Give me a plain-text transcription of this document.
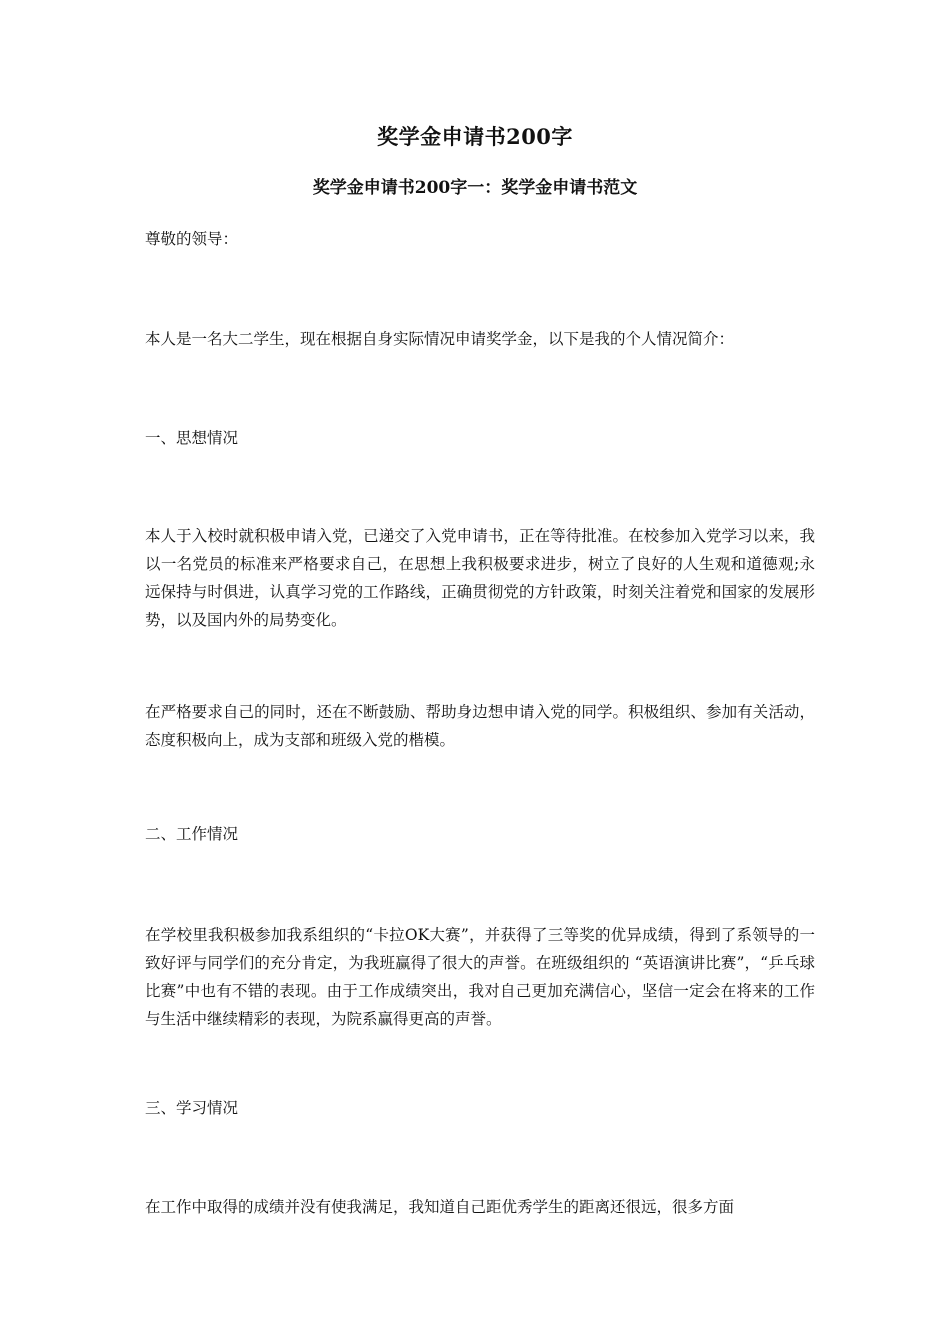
奖学金申请书200字
奖学金申请书200字一：奖学金申请书范文
尊敬的领导：
本人是一名大二学生，现在根据自身实际情况申请奖学金，以下是我的个人情况简介：
一、思想情况
本人于入校时就积极申请入党，已递交了入党申请书，正在等待批准。在校参加入党学习以来，我以一名党员的标准来严格要求自己，在思想上我积极要求进步，树立了良好的人生观和道德观;永远保持与时俱进，认真学习党的工作路线，正确贯彻党的方针政策，时刻关注着党和国家的发展形势，以及国内外的局势变化。
在严格要求自己的同时，还在不断鼓励、帮助身边想申请入党的同学。积极组织、参加有关活动，态度积极向上，成为支部和班级入党的楷模。
二、工作情况
在学校里我积极参加我系组织的“卡拉OK大赛”，并获得了三等奖的优异成绩，得到了系领导的一致好评与同学们的充分肯定，为我班赢得了很大的声誉。在班级组织的 “英语演讲比赛”，“乒乓球比赛”中也有不错的表现。由于工作成绩突出，我对自己更加充满信心，坚信一定会在将来的工作与生活中继续精彩的表现，为院系赢得更高的声誉。
三、学习情况
在工作中取得的成绩并没有使我满足，我知道自己距优秀学生的距离还很远，很多方面
